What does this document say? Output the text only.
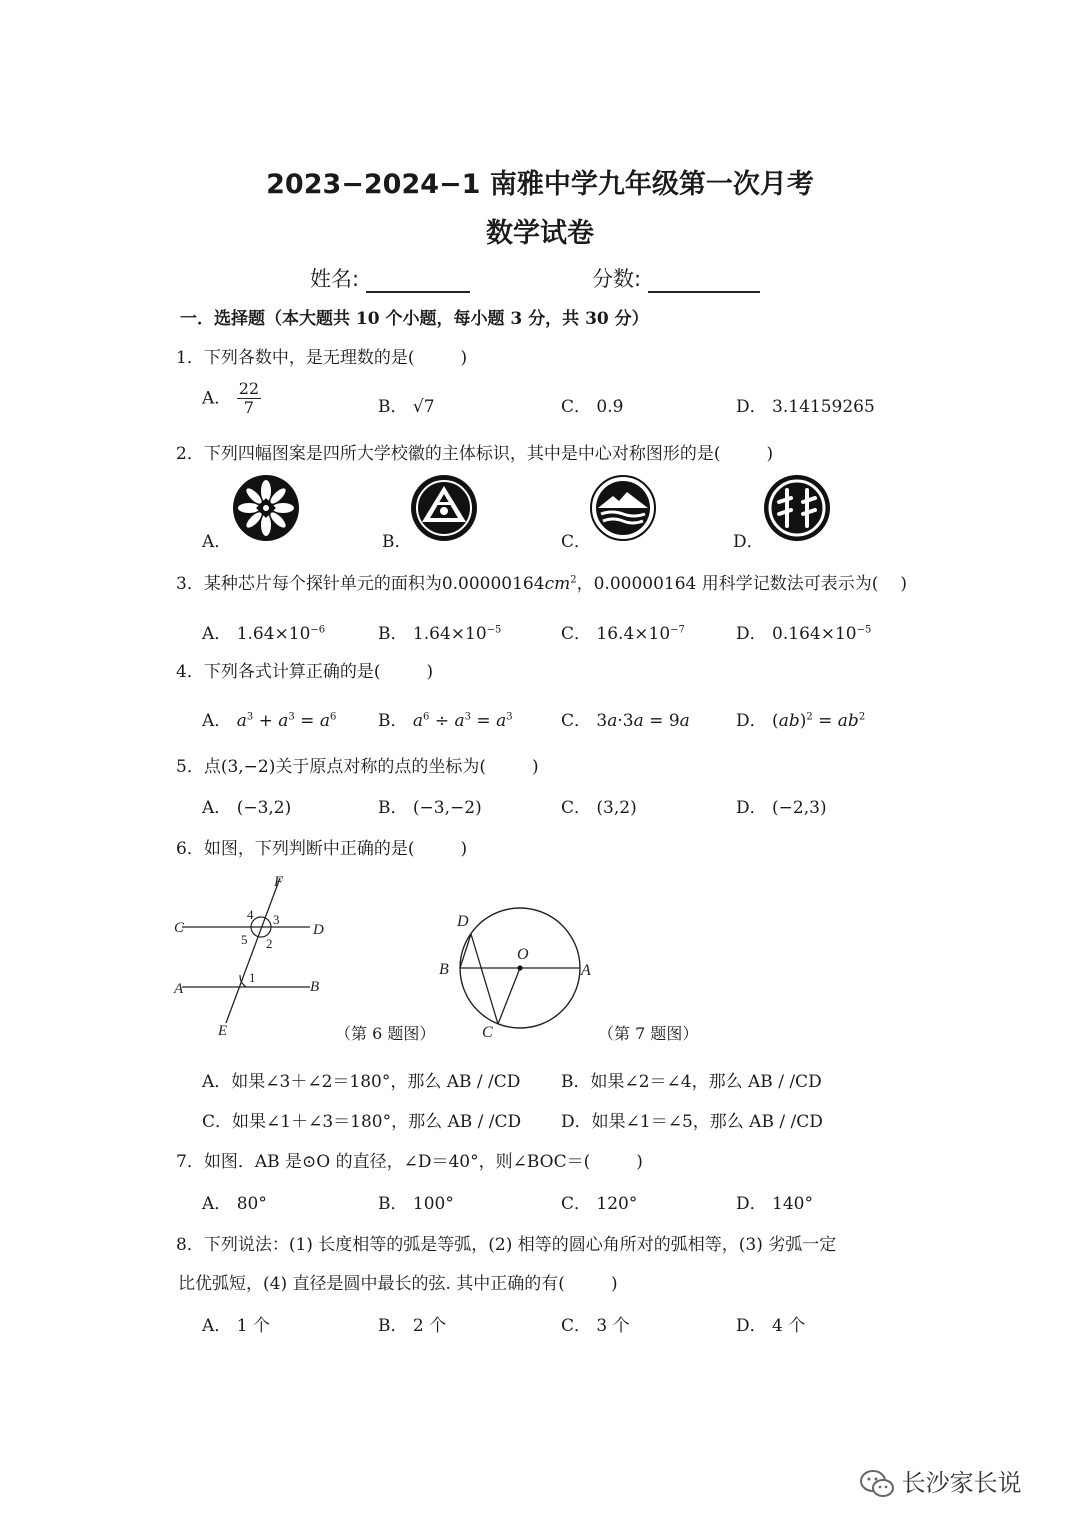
2023−2024−1 南雅中学九年级第一次月考
数学试卷
姓名:	分数:
一．选择题（本大题共 10 个小题，每小题 3 分，共 30 分）
1．下列各数中，是无理数的是(	)
A． $\frac{22}{7}$	B． √7	C． 0.9̇	D． 3.14159265
2．下列四幅图案是四所大学校徽的主体标识，其中是中心对称图形的是(	)
A．	B．	C．	D．
3．某种芯片每个探针单元的面积为$0.00000164cm^2$，0.00000164 用科学记数法可表示为( )
A． $1.64\times 10^{-6}$	B． $1.64\times 10^{-5}$	C． $16.4\times 10^{-7}$	D． $0.164\times 10^{-5}$
4．下列各式计算正确的是(	)
A． $a^3 + a^3 = a^6$ B． $a^6 \div a^3 = a^3$	C． 3a·3a = 9a	D． $(ab)^2 = ab^2$
5．点(3,−2)关于原点对称的点的坐标为(	)
A． (−3,2)	B． (−3,−2)	C． (3,2)	D． (−2,3)
6．如图，下列判断中正确的是(	)
F
C	D
A	B
E
1
2
3
4
5
（第 6 题图）
D
O
B	A
C	（第 7 题图）
A．如果∠3＋∠2＝180°，那么 AB / /CD B．如果∠2＝∠4，那么 AB / /CD
C．如果∠1＋∠3＝180°，那么 AB / /CD D．如果∠1＝∠5，那么 AB / /CD
7．如图．AB 是⊙O 的直径，∠D＝40°，则∠BOC＝(	)
A． 80°	B． 100°	C． 120°	D． 140°
8．下列说法：(1) 长度相等的弧是等弧，(2) 相等的圆心角所对的弧相等，(3) 劣弧一定
比优弧短，(4) 直径是圆中最长的弦. 其中正确的有(	)
A． 1 个	B． 2 个	C． 3 个	D． 4 个
长沙家长说
